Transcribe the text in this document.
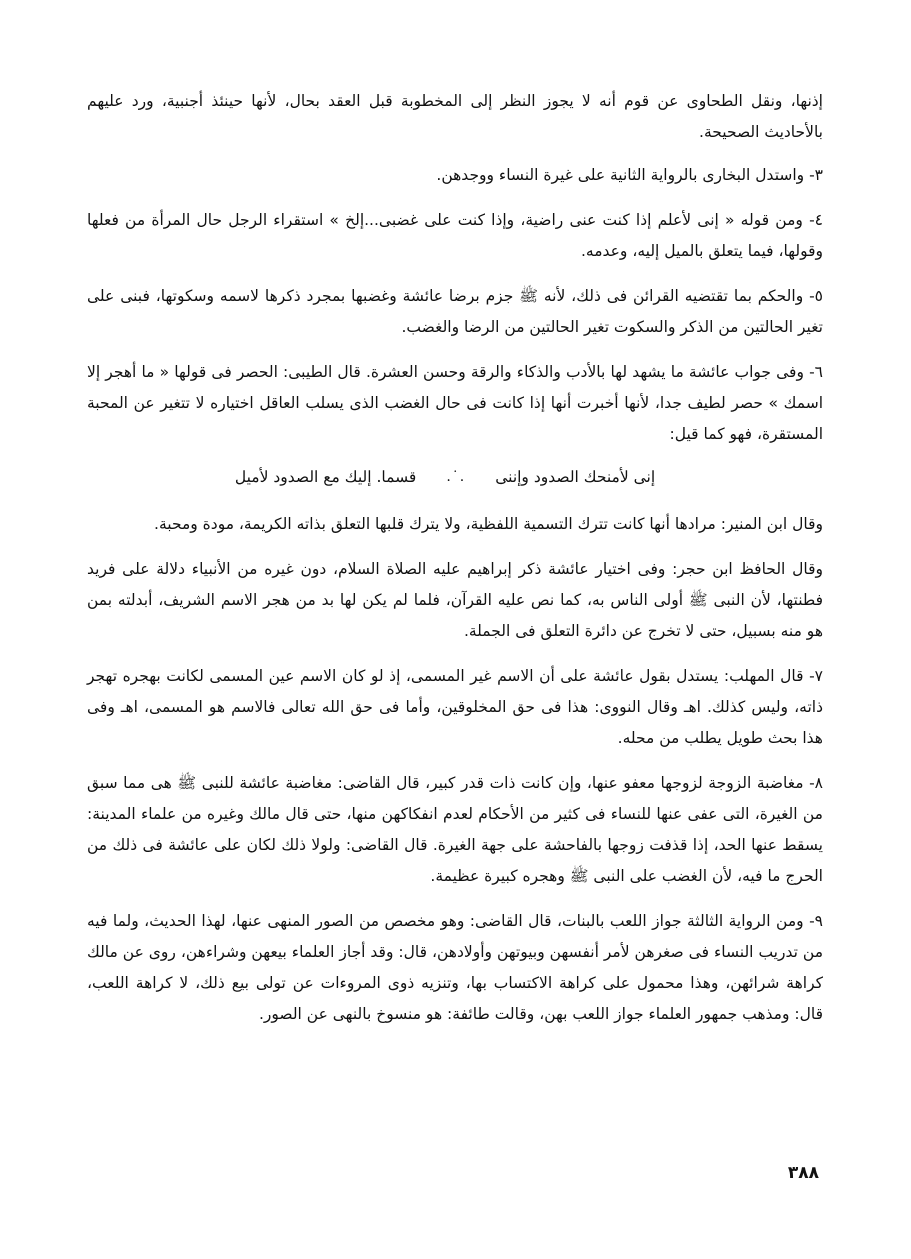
إذنها، ونقل الطحاوى عن قوم أنه لا يجوز النظر إلى المخطوبة قبل العقد بحال، لأنها حينئذ أجنبية، ورد عليهم بالأحاديث الصحيحة.

٣- واستدل البخارى بالرواية الثانية على غيرة النساء ووجدهن.

٤- ومن قوله « إنى لأعلم إذا كنت عنى راضية، وإذا كنت على غضبى...إلخ » استقراء الرجل حال المرأة من فعلها وقولها، فيما يتعلق بالميل إليه، وعدمه.

٥- والحكم بما تقتضيه القرائن فى ذلك، لأنه ﷺ جزم برضا عائشة وغضبها بمجرد ذكرها لاسمه وسكوتها، فبنى على تغير الحالتين من الذكر والسكوت تغير الحالتين من الرضا والغضب.

٦- وفى جواب عائشة ما يشهد لها بالأدب والذكاء والرقة وحسن العشرة. قال الطيبى: الحصر فى قولها « ما أهجر إلا اسمك » حصر لطيف جدا، لأنها أخبرت أنها إذا كانت فى حال الغضب الذى يسلب العاقل اختياره لا تتغير عن المحبة المستقرة، فهو كما قيل:

إنى لأمنحك الصدود وإننى
.˙.
قسما. إليك مع الصدود لأميل

وقال ابن المنير: مرادها أنها كانت تترك التسمية اللفظية، ولا يترك قلبها التعلق بذاته الكريمة، مودة ومحبة.

وقال الحافظ ابن حجر: وفى اختيار عائشة ذكر إبراهيم عليه الصلاة السلام، دون غيره من الأنبياء دلالة على فريد فطنتها، لأن النبى ﷺ أولى الناس به، كما نص عليه القرآن، فلما لم يكن لها بد من هجر الاسم الشريف، أبدلته بمن هو منه بسبيل، حتى لا تخرج عن دائرة التعلق فى الجملة.

٧- قال المهلب: يستدل بقول عائشة على أن الاسم غير المسمى، إذ لو كان الاسم عين المسمى لكانت بهجره تهجر ذاته، وليس كذلك. اهـ وقال النووى: هذا فى حق المخلوقين، وأما فى حق الله تعالى فالاسم هو المسمى، اهـ وفى هذا بحث طويل يطلب من محله.

٨- مغاضبة الزوجة لزوجها معفو عنها، وإن كانت ذات قدر كبير، قال القاضى: مغاضبة عائشة للنبى ﷺ هى مما سبق من الغيرة، التى عفى عنها للنساء فى كثير من الأحكام لعدم انفكاكهن منها، حتى قال مالك وغيره من علماء المدينة: يسقط عنها الحد، إذا قذفت زوجها بالفاحشة على جهة الغيرة. قال القاضى: ولولا ذلك لكان على عائشة فى ذلك من الحرج ما فيه، لأن الغضب على النبى ﷺ وهجره كبيرة عظيمة.

٩- ومن الرواية الثالثة جواز اللعب بالبنات، قال القاضى: وهو مخصص من الصور المنهى عنها، لهذا الحديث، ولما فيه من تدريب النساء فى صغرهن لأمر أنفسهن وبيوتهن وأولادهن، قال: وقد أجاز العلماء بيعهن وشراءهن، روى عن مالك كراهة شرائهن، وهذا محمول على كراهة الاكتساب بها، وتنزيه ذوى المروءات عن تولى بيع ذلك، لا كراهة اللعب، قال: ومذهب جمهور العلماء جواز اللعب بهن، وقالت طائفة: هو منسوخ بالنهى عن الصور.

٣٨٨
